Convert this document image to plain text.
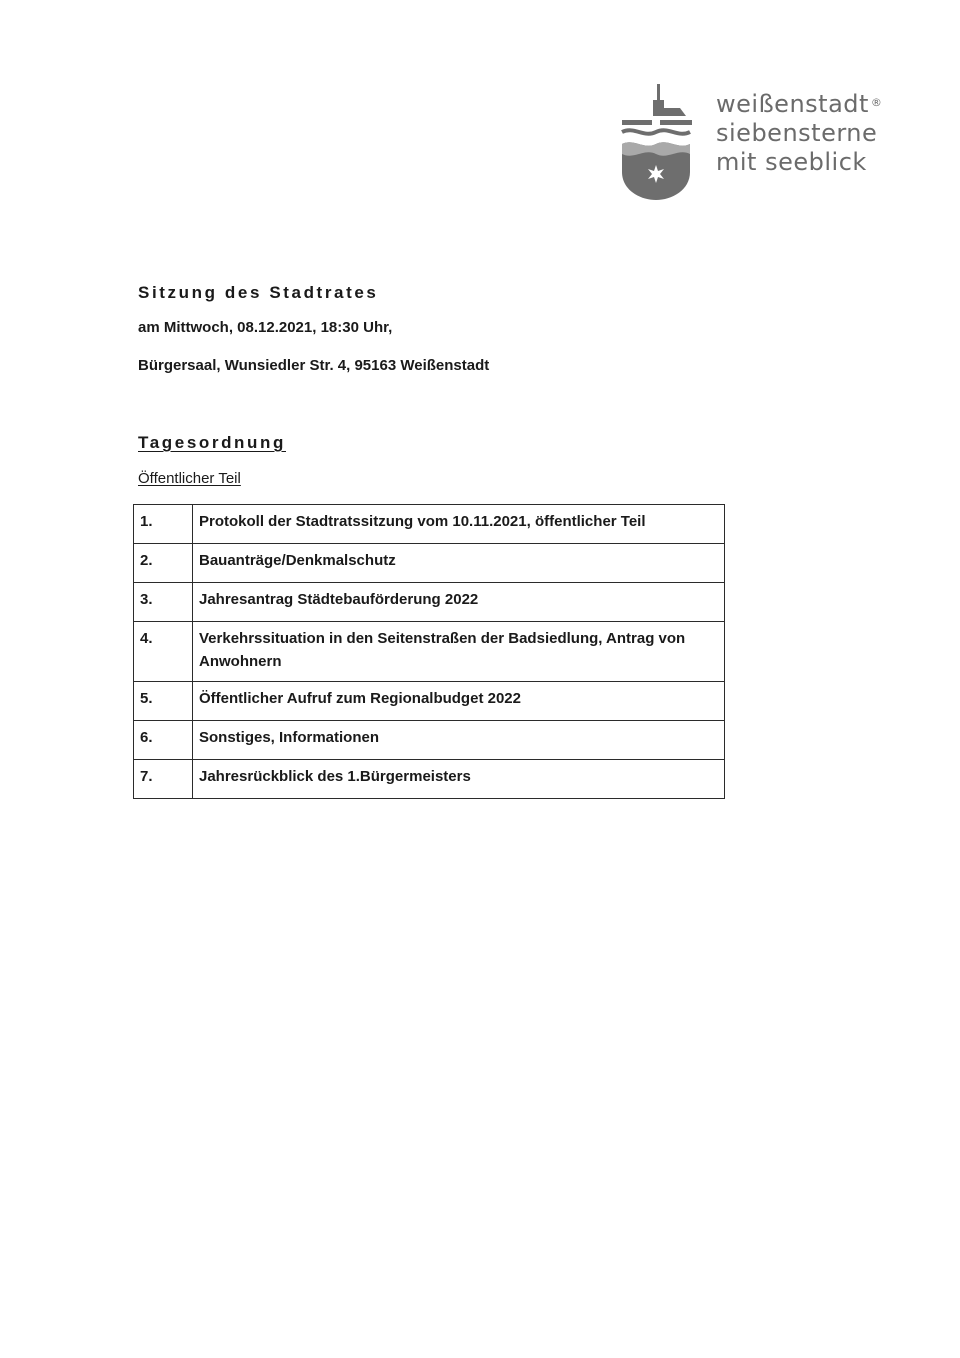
weißenstadt ®
siebensterne
mit seeblick
Sitzung des Stadtrates
am Mittwoch, 08.12.2021, 18:30 Uhr,
Bürgersaal, Wunsiedler Str. 4, 95163 Weißenstadt
Tagesordnung
Öffentlicher Teil
1.	Protokoll der Stadtratssitzung vom 10.11.2021, öffentlicher Teil
2.	Bauanträge/Denkmalschutz
3.	Jahresantrag Städtebauförderung 2022
4.	Verkehrssituation in den Seitenstraßen der Badsiedlung, Antrag von Anwohnern
5.	Öffentlicher Aufruf zum Regionalbudget 2022
6.	Sonstiges, Informationen
7.	Jahresrückblick des 1.Bürgermeisters
